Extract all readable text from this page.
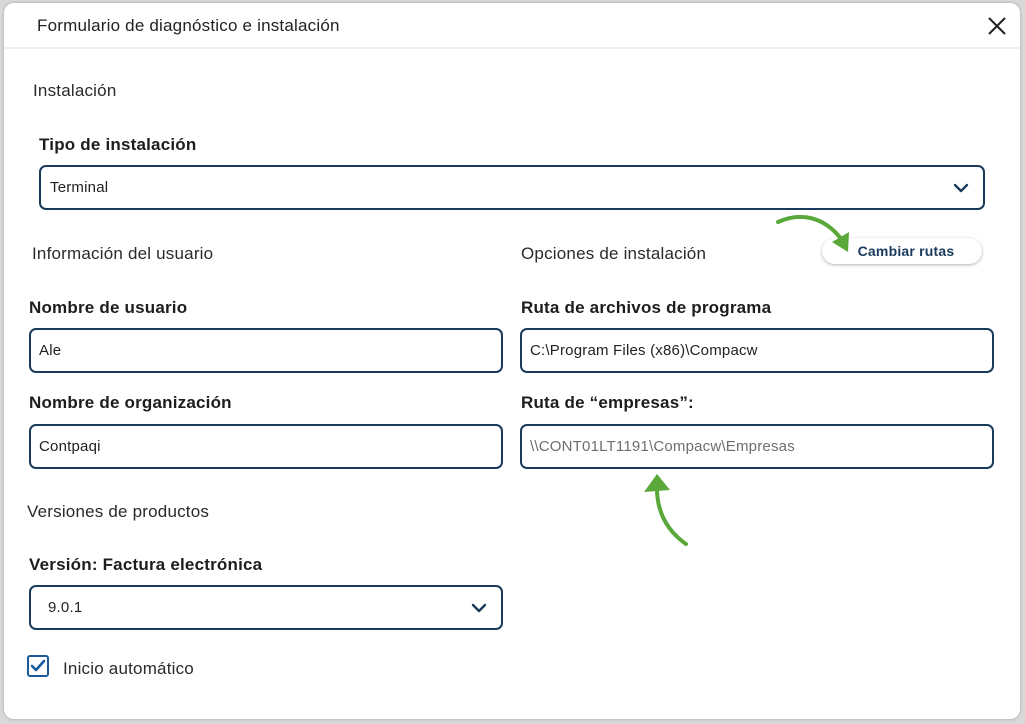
Formulario de diagnóstico e instalación
Instalación
Tipo de instalación
Terminal
Información del usuario
Nombre de usuario
Ale
Nombre de organización
Contpaqi
Opciones de instalación	Cambiar rutas
Ruta de archivos de programa
C:\Program Files (x86)\Compacw
Ruta de “empresas”:
\\CONT01LT1191\Compacw\Empresas
Versiones de productos
Versión: Factura electrónica
9.0.1
Inicio automático
